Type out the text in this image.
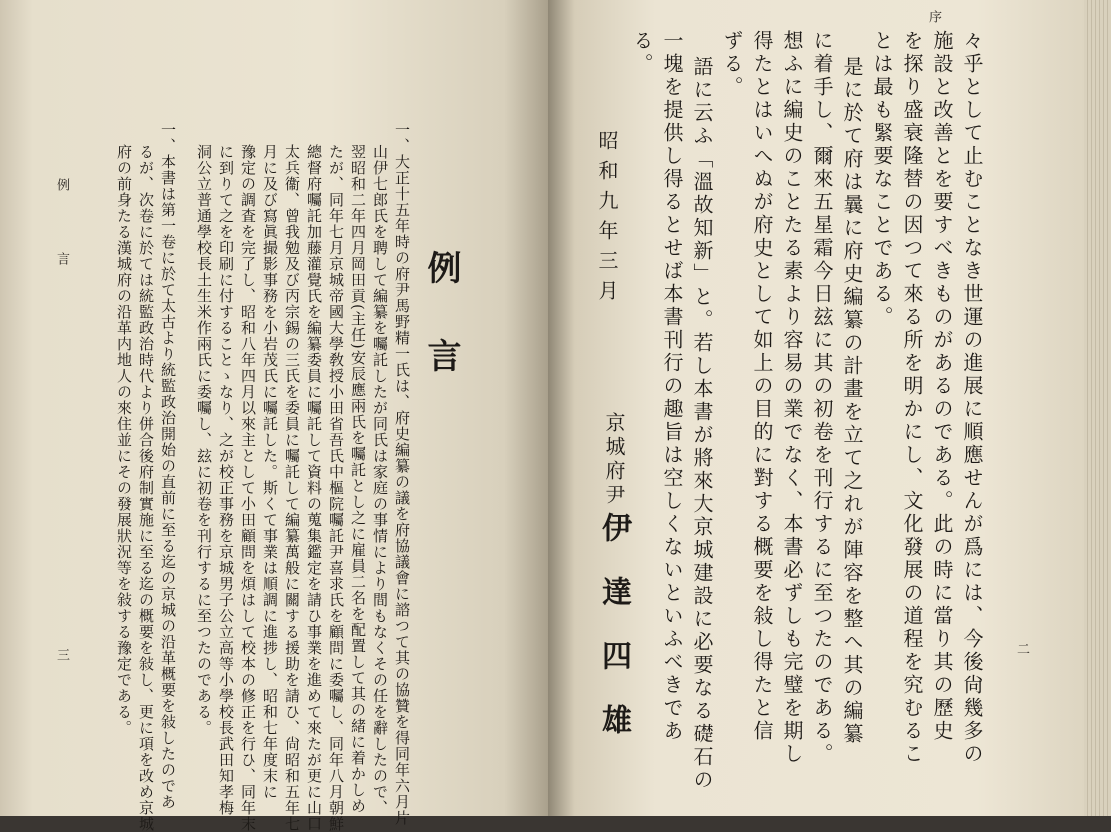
例　言
三	一、大正十五年時の府尹馬野精一氏は、府史編纂の議を府協議會に諮つて其の協贊を得同年六月片
山伊七郎氏を聘して編纂を囑託したが同氏は家庭の事情により間もなくその任を辭したので、
翌昭和二年四月岡田貢(主任)安辰應兩氏を囑託とし之に雇員二名を配置して其の緒に着かしめ
たが、同年七月京城帝國大學敎授小田省吾氏中樞院囑託尹喜求氏を顧問に委囑し、同年八月朝鮮
總督府囑託加藤灌覺氏を編纂委員に囑託して資料の蒐集鑑定を請ひ事業を進めて來たが更に山口
太兵衞、曾我勉及び丙宗錫の三氏を委員に囑託して編纂萬般に關する援助を請ひ、尙昭和五年七
月に及び寫眞撮影事務を小岩茂氏に囑託した。斯くて事業は順調に進捗し、昭和七年度末に
豫定の調査を完了し、昭和八年四月以來主として小田顧問を煩はして校本の修正を行ひ、同年末
に到りて之を印刷に付することゝなり、之が校正事務を京城男子公立高等小學校長武田知孝梅
洞公立普通學校長土生米作兩氏に委囑し、玆に初卷を刊行するに至つたのである。
一、本書は第一卷に於て太古より統監政治開始の直前に至る迄の京城の沿革概要を敍したのであ
るが、次卷に於ては統監政治時代より併合後府制實施に至る迄の概要を敍し、更に項を改め京城
府の前身たる漢城府の沿革内地人の來住並にその發展狀況等を敍する豫定である。	例言
序
二
々乎として止むことなき世運の進展に順應せんが爲には、今後尙幾多の
施設と改善とを要すべきものがあるのである。此の時に當り其の歷史
を探り盛衰隆替の因つて來る所を明かにし、文化發展の道程を究むるこ
とは最も緊要なことである。
是に於て府は曩に府史編纂の計畫を立て之れが陣容を整へ其の編纂
に着手し、爾來五星霜今日玆に其の初卷を刊行するに至つたのである。
想ふに編史のことたる素より容易の業でなく、本書必ずしも完璧を期し
得たとはいへぬが府史として如上の目的に對する概要を敍し得たと信
ずる。
語に云ふ「溫故知新」と。若し本書が將來大京城建設に必要なる礎石の
一塊を提供し得るとせば本書刊行の趣旨は空しくないといふべきであ
る。
昭和九年三月
京城府尹
伊達四雄
